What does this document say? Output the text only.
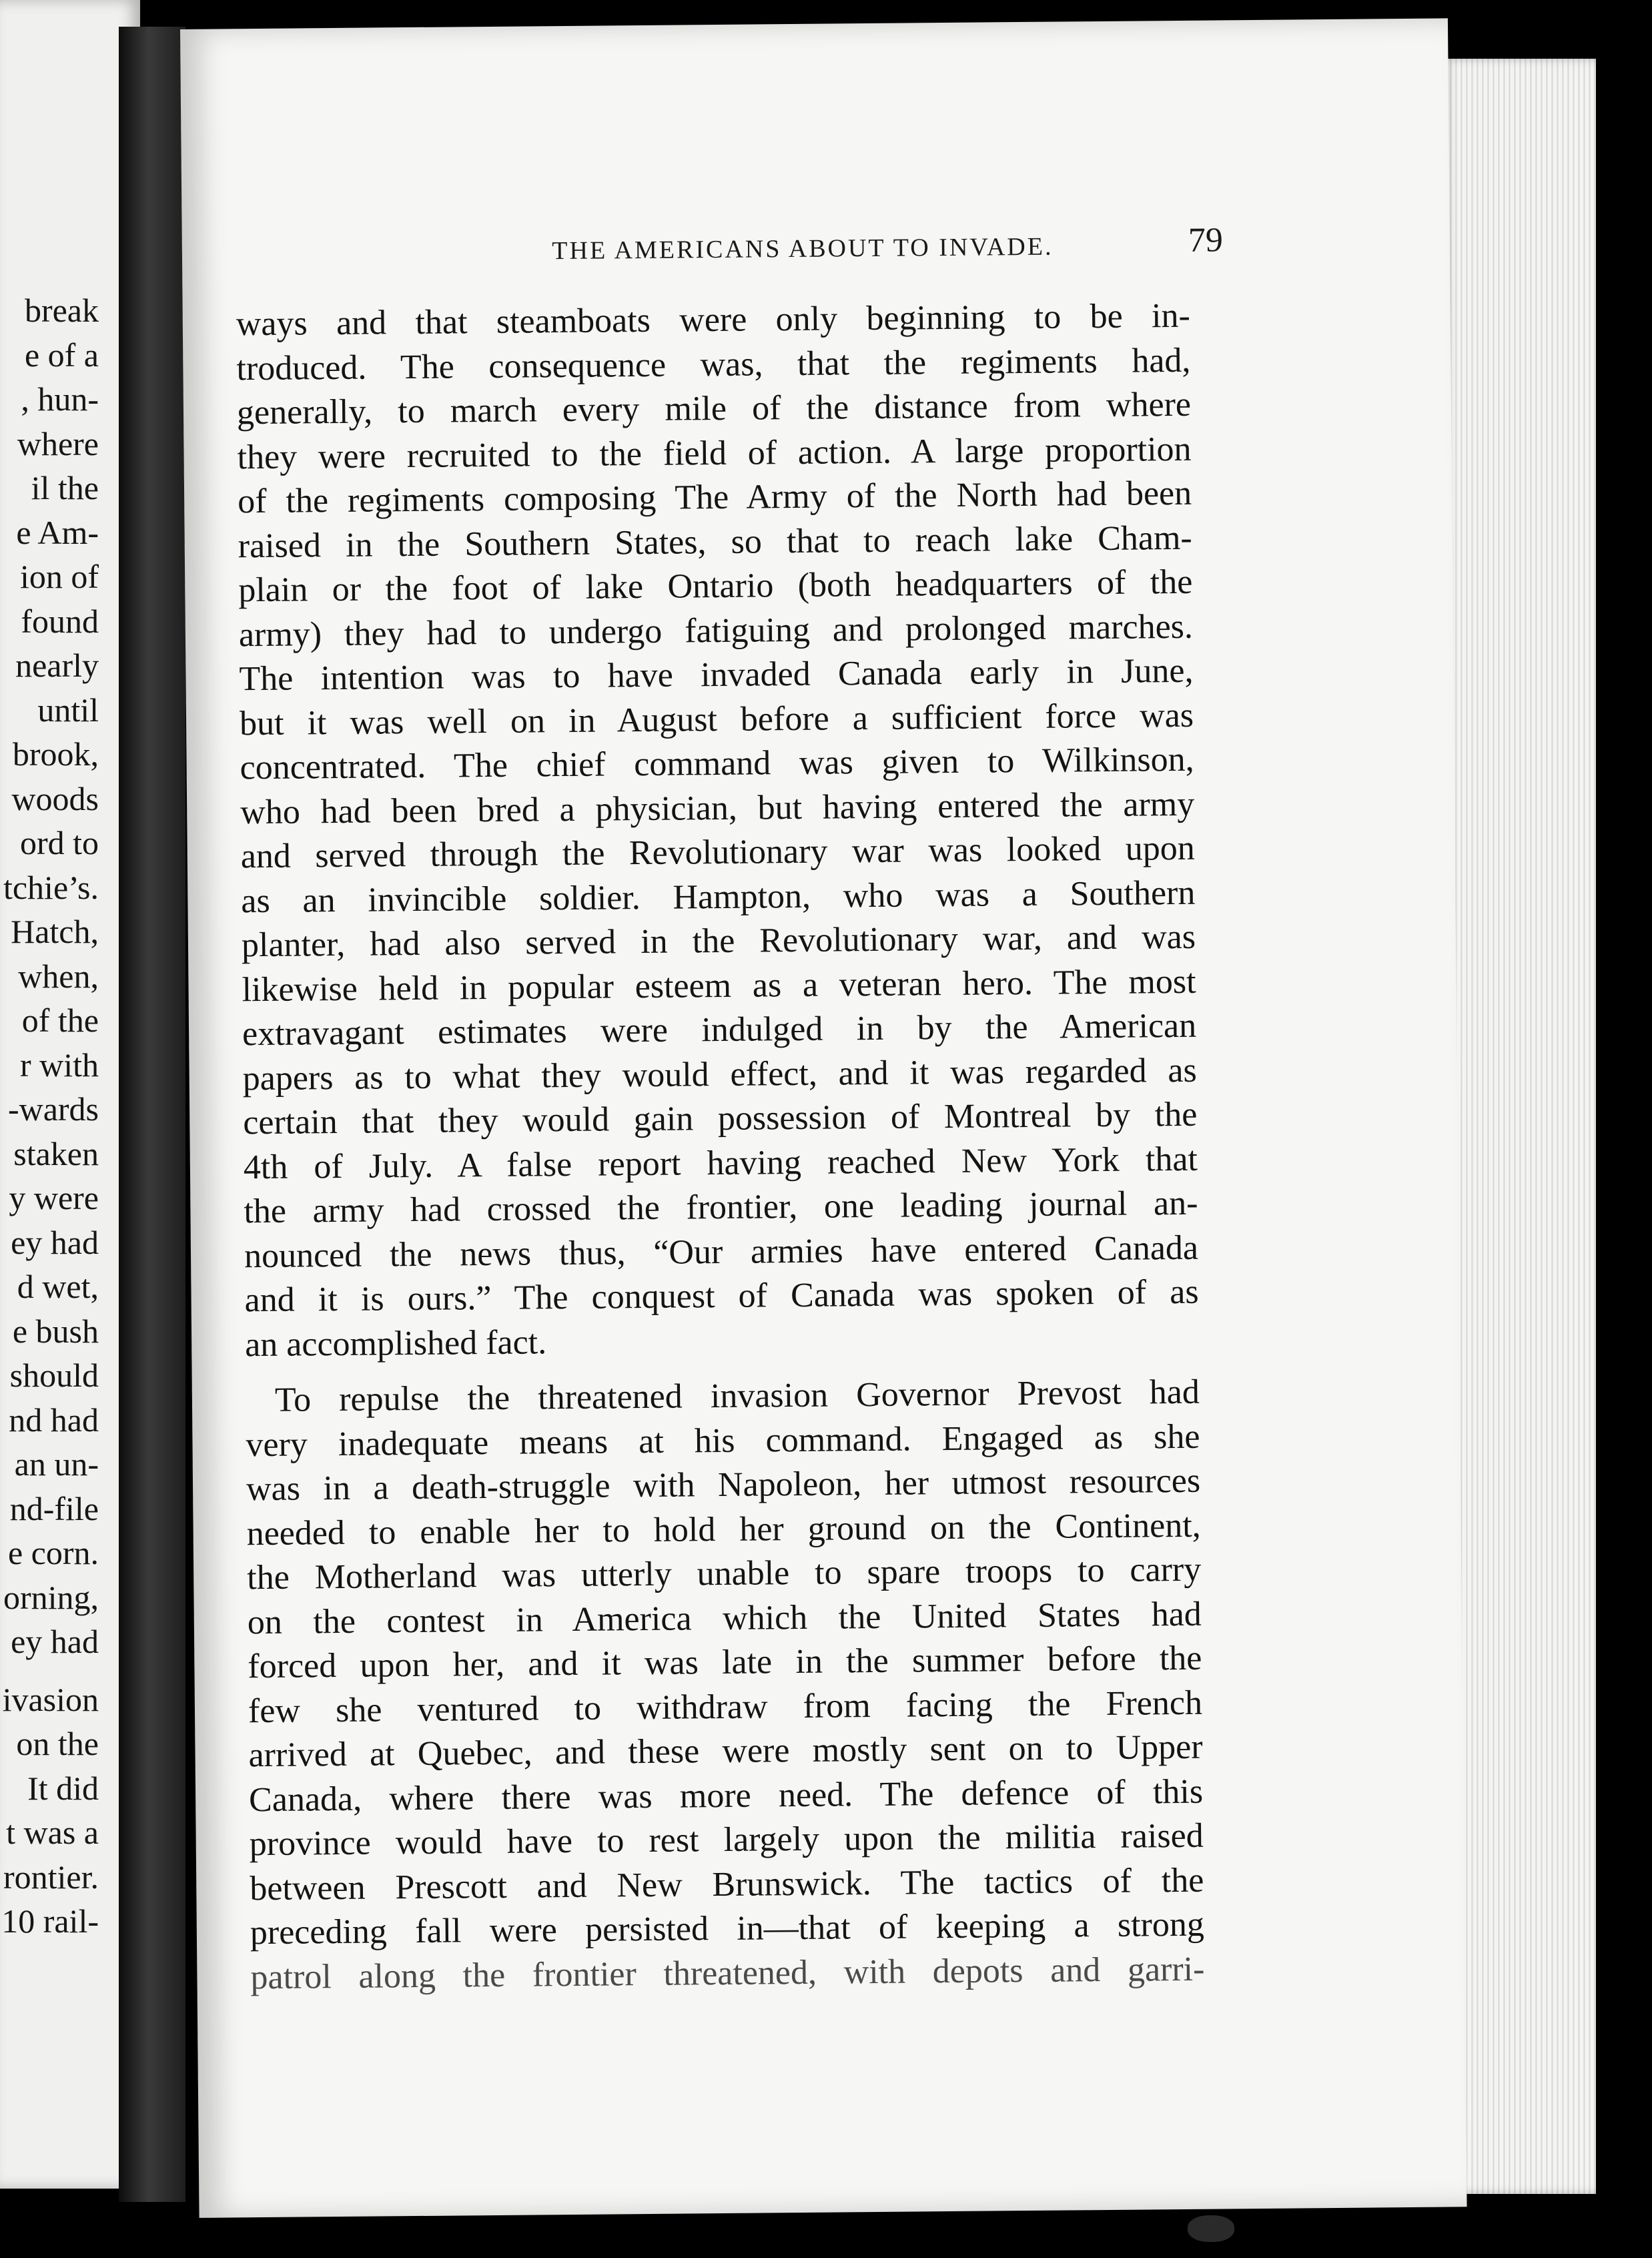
break
e of a
, hun-
where
il the
e Am-
ion of
found
nearly
until
brook,
woods
ord to
tchie’s.
Hatch,
when,
of the
r with
-wards
staken
y were
ey had
d wet,
e bush
should
nd had
an un-
nd-file
e corn.
orning,
ey had
ivasion
on the
It did
t was a
rontier.
10 rail-
THE AMERICANS ABOUT TO INVADE.	79
ways and that steamboats were only beginning to be in-
troduced. The consequence was, that the regiments had,
generally, to march every mile of the distance from where
they were recruited to the field of action. A large proportion
of the regiments composing The Army of the North had been
raised in the Southern States, so that to reach lake Cham-
plain or the foot of lake Ontario (both headquarters of the
army) they had to undergo fatiguing and prolonged marches.
The intention was to have invaded Canada early in June,
but it was well on in August before a sufficient force was
concentrated. The chief command was given to Wilkinson,
who had been bred a physician, but having entered the army
and served through the Revolutionary war was looked upon
as an invincible soldier. Hampton, who was a Southern
planter, had also served in the Revolutionary war, and was
likewise held in popular esteem as a veteran hero. The most
extravagant estimates were indulged in by the American
papers as to what they would effect, and it was regarded as
certain that they would gain possession of Montreal by the
4th of July. A false report having reached New York that
the army had crossed the frontier, one leading journal an-
nounced the news thus, “Our armies have entered Canada
and it is ours.” The conquest of Canada was spoken of as
an accomplished fact.
To repulse the threatened invasion Governor Prevost had
very inadequate means at his command. Engaged as she
was in a death-struggle with Napoleon, her utmost resources
needed to enable her to hold her ground on the Continent,
the Motherland was utterly unable to spare troops to carry
on the contest in America which the United States had
forced upon her, and it was late in the summer before the
few she ventured to withdraw from facing the French
arrived at Quebec, and these were mostly sent on to Upper
Canada, where there was more need. The defence of this
province would have to rest largely upon the militia raised
between Prescott and New Brunswick. The tactics of the
preceding fall were persisted in—that of keeping a strong
patrol along the frontier threatened, with depots and garri-
